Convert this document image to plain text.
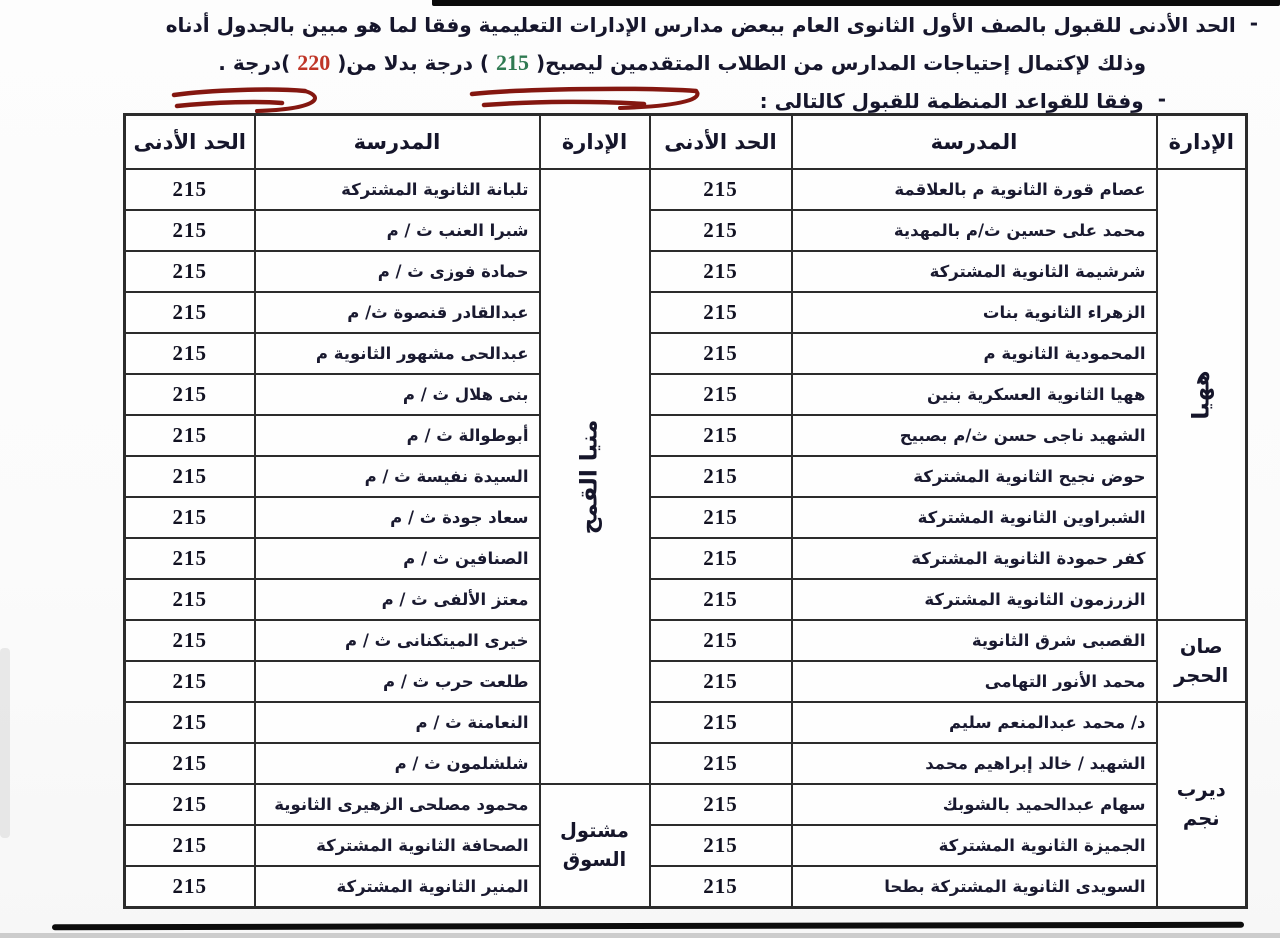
-الحد الأدنى للقبول بالصف الأول الثانوى العام ببعض مدارس الإدارات التعليمية وفقا لما هو مبين بالجدول أدناه
وذلك لإكتمال إحتياجات المدارس من الطلاب المتقدمين ليصبح( 215 ) درجة بدلا من( 220 )درجة .
-وفقا للقواعد المنظمة للقبول كالتالى :
الإدارة	المدرسة	الحد الأدنى	الإدارة	المدرسة	الحد الأدنى
ههيا	عصام قورة الثانوية م بالعلاقمة	215	منيا القمح	تلبانة الثانوية المشتركة	215
	محمد على حسين ث/م بالمهدية	215		شبرا العنب ث / م	215
	شرشيمة الثانوية المشتركة	215		حمادة فوزى ث / م	215
	الزهراء الثانوية بنات	215		عبدالقادر قنصوة ث/ م	215
	المحمودية الثانوية م	215		عبدالحى مشهور الثانوية م	215
	ههيا الثانوية العسكرية بنين	215		بنى هلال ث / م	215
	الشهيد ناجى حسن ث/م بصبيح	215		أبوطوالة ث / م	215
	حوض نجيح الثانوية المشتركة	215		السيدة نفيسة ث / م	215
	الشبراوين الثانوية المشتركة	215		سعاد جودة ث / م	215
	كفر حمودة الثانوية المشتركة	215		الصنافين ث / م	215
	الزرزمون الثانوية المشتركة	215		معتز الألفى ث / م	215
صان الحجر	القصبى شرق الثانوية	215		خيرى الميتكنانى ث / م	215
	محمد الأنور التهامى	215		طلعت حرب ث / م	215
ديرب نجم	د/ محمد عبدالمنعم سليم	215		النعامنة ث / م	215
	الشهيد / خالد إبراهيم محمد	215		شلشلمون ث / م	215
	سهام عبدالحميد بالشوبك	215	مشتول السوق	محمود مصلحى الزهيرى الثانوية	215
	الجميزة الثانوية المشتركة	215		الصحافة الثانوية المشتركة	215
	السويدى الثانوية المشتركة بطحا	215		المنير الثانوية المشتركة	215
